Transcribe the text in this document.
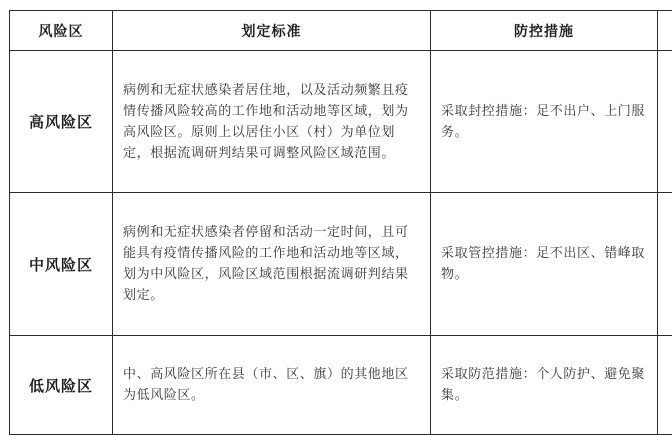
风险区	划定标准	防控措施	
高风险区	病例和无症状感染者居住地，以及活动频繁且疫情传播风险较高的工作地和活动地等区域，划为高风险区。原则上以居住小区（村）为单位划定，根据流调研判结果可调整风险区域范围。	采取封控措施：足不出户、上门服务。	
中风险区	病例和无症状感染者停留和活动一定时间，且可能具有疫情传播风险的工作地和活动地等区域，划为中风险区，风险区域范围根据流调研判结果划定。	采取管控措施：足不出区、错峰取物。	
低风险区	中、高风险区所在县（市、区、旗）的其他地区为低风险区。	采取防范措施：个人防护、避免聚集。	
